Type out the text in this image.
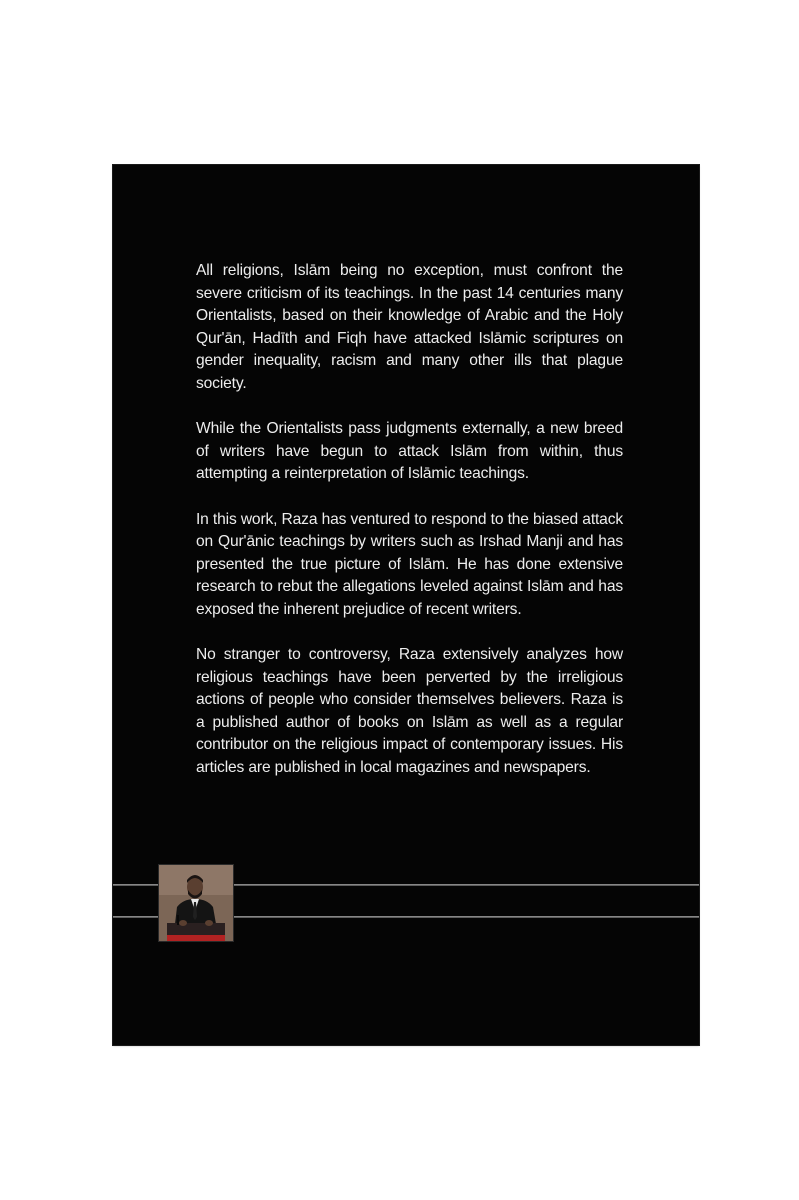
All religions, Islām being no exception, must confront the severe criticism of its teachings. In the past 14 centuries many Orientalists, based on their knowledge of Arabic and the Holy Qur'ān, Hadīth and Fiqh have attacked Islāmic scriptures on gender inequality, racism and many other ills that plague society.

While the Orientalists pass judgments externally, a new breed of writers have begun to attack Islām from within, thus attempting a reinterpretation of Islāmic teachings.

In this work, Raza has ventured to respond to the biased attack on Qur'ānic teachings by writers such as Irshad Manji and has presented the true picture of Islām. He has done extensive research to rebut the allegations leveled against Islām and has exposed the inherent prejudice of recent writers.

No stranger to controversy, Raza extensively analyzes how religious teachings have been perverted by the irreligious actions of people who consider themselves believers. Raza is a published author of books on Islām as well as a regular contributor on the religious impact of contemporary issues. His articles are published in local magazines and newspapers.
